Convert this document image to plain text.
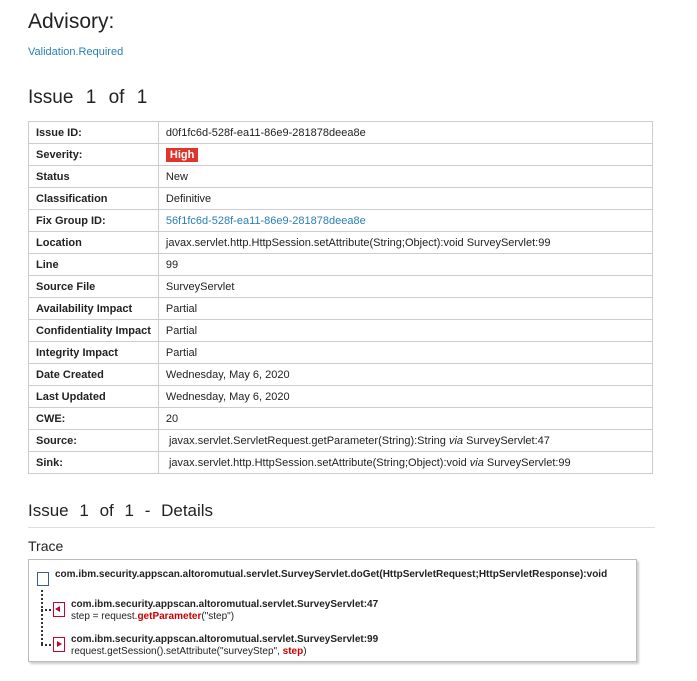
Advisory:
Validation.Required
Issue 1 of 1
Issue ID:	d0f1fc6d-528f-ea11-86e9-281878deea8e
Severity:	High
Status	New
Classification	Definitive
Fix Group ID:	56f1fc6d-528f-ea11-86e9-281878deea8e
Location	javax.servlet.http.HttpSession.setAttribute(String;Object):void SurveyServlet:99
Line	99
Source File	SurveyServlet
Availability Impact	Partial
Confidentiality Impact	Partial
Integrity Impact	Partial
Date Created	Wednesday, May 6, 2020
Last Updated	Wednesday, May 6, 2020
CWE:	20
Source:	javax.servlet.ServletRequest.getParameter(String):String via SurveyServlet:47
Sink:	javax.servlet.http.HttpSession.setAttribute(String;Object):void via SurveyServlet:99
Issue 1 of 1 - Details
Trace
com.ibm.security.appscan.altoromutual.servlet.SurveyServlet.doGet(HttpServletRequest;HttpServletResponse):void
com.ibm.security.appscan.altoromutual.servlet.SurveyServlet:47
step = request.getParameter("step")
com.ibm.security.appscan.altoromutual.servlet.SurveyServlet:99
request.getSession().setAttribute("surveyStep", step)
